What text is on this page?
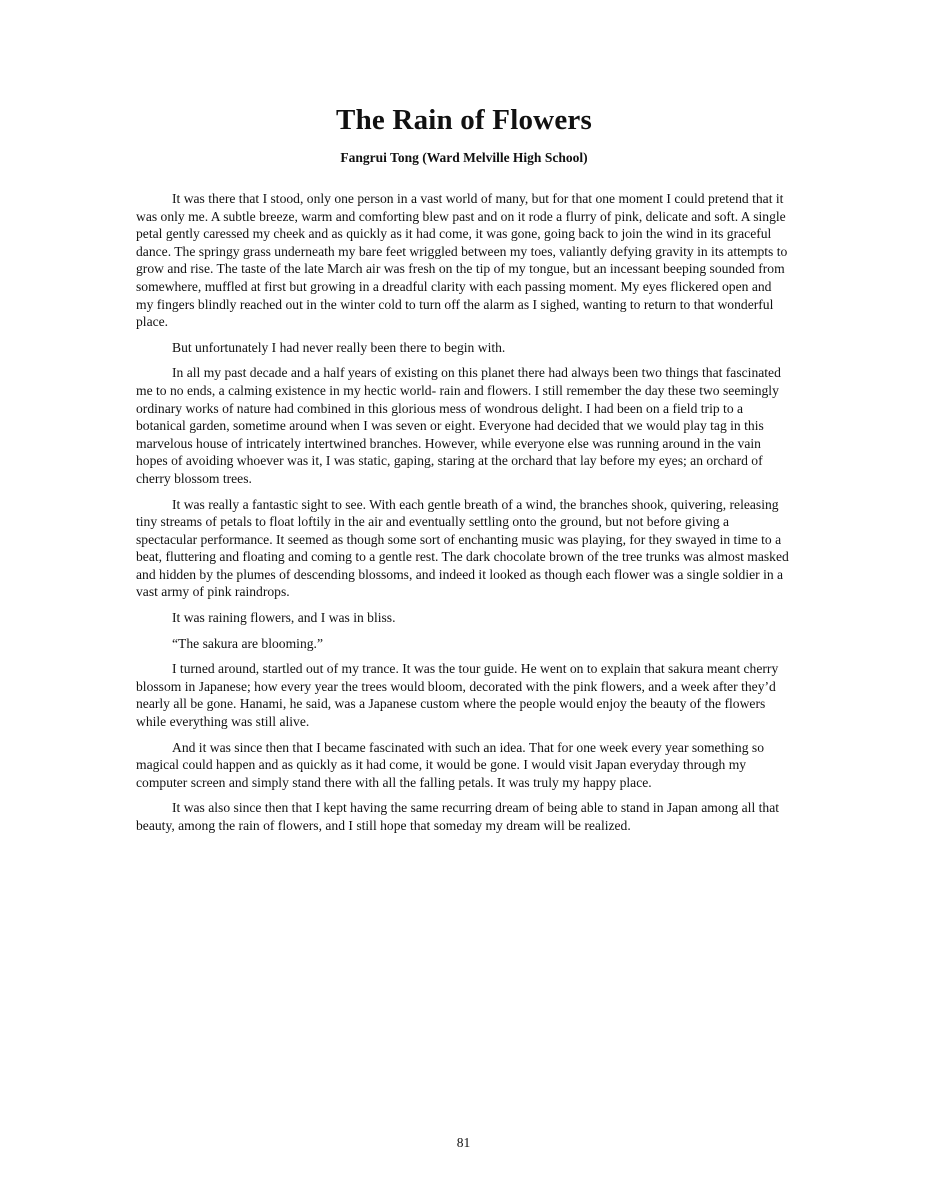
The Rain of Flowers
Fangrui Tong (Ward Melville High School)

It was there that I stood, only one person in a vast world of many, but for that one moment I could pretend that it was only me. A subtle breeze, warm and comforting blew past and on it rode a flurry of pink, delicate and soft. A single petal gently caressed my cheek and as quickly as it had come, it was gone, going back to join the wind in its graceful dance. The springy grass underneath my bare feet wriggled between my toes, valiantly defying gravity in its attempts to grow and rise. The taste of the late March air was fresh on the tip of my tongue, but an incessant beeping sounded from somewhere, muffled at first but growing in a dreadful clarity with each passing moment. My eyes flickered open and my fingers blindly reached out in the winter cold to turn off the alarm as I sighed, wanting to return to that wonderful place.

But unfortunately I had never really been there to begin with.

In all my past decade and a half years of existing on this planet there had always been two things that fascinated me to no ends, a calming existence in my hectic world- rain and flowers. I still remember the day these two seemingly ordinary works of nature had combined in this glorious mess of wondrous delight. I had been on a field trip to a botanical garden, sometime around when I was seven or eight. Everyone had decided that we would play tag in this marvelous house of intricately intertwined branches. However, while everyone else was running around in the vain hopes of avoiding whoever was it, I was static, gaping, staring at the orchard that lay before my eyes; an orchard of cherry blossom trees.

It was really a fantastic sight to see. With each gentle breath of a wind, the branches shook, quivering, releasing tiny streams of petals to float loftily in the air and eventually settling onto the ground, but not before giving a spectacular performance. It seemed as though some sort of enchanting music was playing, for they swayed in time to a beat, fluttering and floating and coming to a gentle rest. The dark chocolate brown of the tree trunks was almost masked and hidden by the plumes of descending blossoms, and indeed it looked as though each flower was a single soldier in a vast army of pink raindrops.

It was raining flowers, and I was in bliss.

“The sakura are blooming.”

I turned around, startled out of my trance. It was the tour guide. He went on to explain that sakura meant cherry blossom in Japanese; how every year the trees would bloom, decorated with the pink flowers, and a week after they’d nearly all be gone. Hanami, he said, was a Japanese custom where the people would enjoy the beauty of the flowers while everything was still alive.

And it was since then that I became fascinated with such an idea. That for one week every year something so magical could happen and as quickly as it had come, it would be gone. I would visit Japan everyday through my computer screen and simply stand there with all the falling petals. It was truly my happy place.

It was also since then that I kept having the same recurring dream of being able to stand in Japan among all that beauty, among the rain of flowers, and I still hope that someday my dream will be realized.

81
